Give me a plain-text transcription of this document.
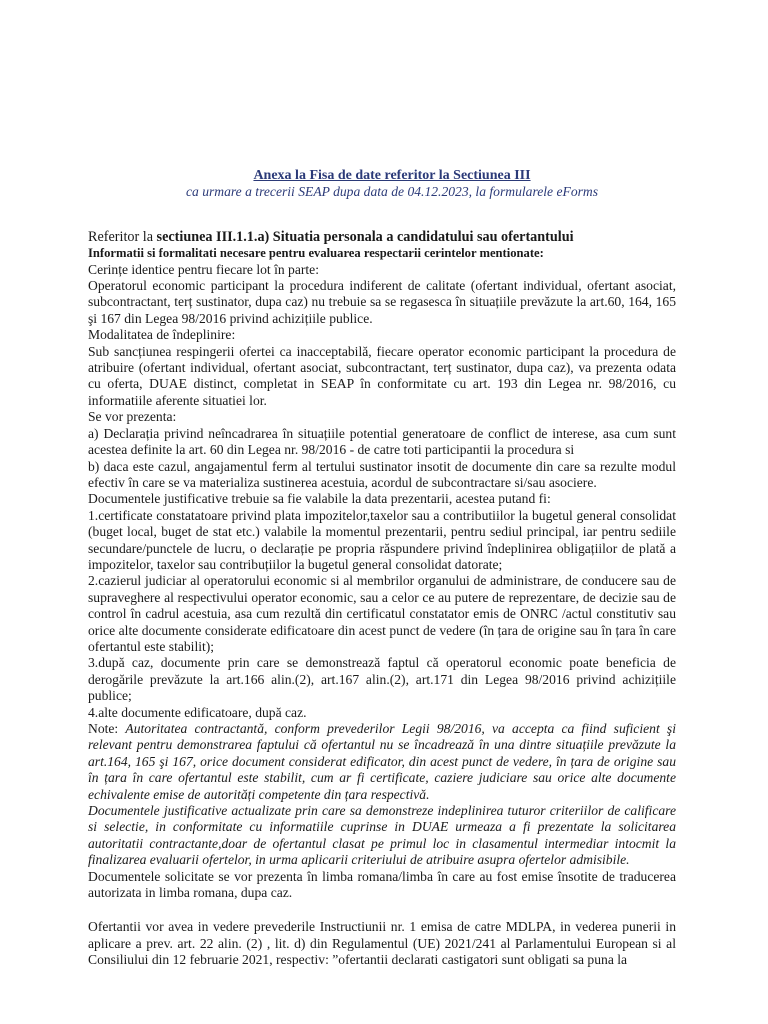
Anexa la Fisa de date referitor la Sectiunea III
ca urmare a trecerii SEAP dupa data de 04.12.2023, la formularele eForms

Referitor la sectiunea III.1.1.a) Situatia personala a candidatului sau ofertantului

Informatii si formalitati necesare pentru evaluarea respectarii cerintelor mentionate:

Cerințe identice pentru fiecare lot în parte:

Operatorul economic participant la procedura indiferent de calitate (ofertant individual, ofertant asociat, subcontractant, terț sustinator, dupa caz) nu trebuie sa se regasesca în situațiile prevăzute la art.60, 164, 165 şi 167 din Legea 98/2016 privind achizițiile publice.

Modalitatea de îndeplinire:

Sub sancțiunea respingerii ofertei ca inacceptabilă, fiecare operator economic participant la procedura de atribuire (ofertant individual, ofertant asociat, subcontractant, terț sustinator, dupa caz), va prezenta odata cu oferta, DUAE distinct, completat in SEAP în conformitate cu art. 193 din Legea nr. 98/2016, cu informatiile aferente situatiei lor.

Se vor prezenta:

a) Declarația privind neîncadrarea în situațiile potential generatoare de conflict de interese, asa cum sunt acestea definite la art. 60 din Legea nr. 98/2016 - de catre toti participantii la procedura si

b) daca este cazul, angajamentul ferm al tertului sustinator insotit de documente din care sa rezulte modul efectiv în care se va materializa sustinerea acestuia, acordul de subcontractare si/sau asociere.

Documentele justificative trebuie sa fie valabile la data prezentarii, acestea putand fi:

1.certificate constatatoare privind plata impozitelor,taxelor sau a contributiilor la bugetul general consolidat (buget local, buget de stat etc.) valabile la momentul prezentarii, pentru sediul principal, iar pentru sediile secundare/punctele de lucru, o declarație pe propria răspundere privind îndeplinirea obligațiilor de plată a impozitelor, taxelor sau contribuțiilor la bugetul general consolidat datorate;

2.cazierul judiciar al operatorului economic si al membrilor organului de administrare, de conducere sau de supraveghere al respectivului operator economic, sau a celor ce au putere de reprezentare, de decizie sau de control în cadrul acestuia, asa cum rezultă din certificatul constatator emis de ONRC /actul constitutiv sau orice alte documente considerate edificatoare din acest punct de vedere (în țara de origine sau în țara în care ofertantul este stabilit);

3.după caz, documente prin care se demonstrează faptul că operatorul economic poate beneficia de derogările prevăzute la art.166 alin.(2), art.167 alin.(2), art.171 din Legea 98/2016 privind achizițiile publice;

4.alte documente edificatoare, după caz.

Note: Autoritatea contractantă, conform prevederilor Legii 98/2016, va accepta ca fiind suficient şi relevant pentru demonstrarea faptului că ofertantul nu se încadrează în una dintre situațiile prevăzute la art.164, 165 şi 167, orice document considerat edificator, din acest punct de vedere, în țara de origine sau în țara în care ofertantul este stabilit, cum ar fi certificate, caziere judiciare sau orice alte documente echivalente emise de autorități competente din țara respectivă.

Documentele justificative actualizate prin care sa demonstreze indeplinirea tuturor criteriilor de calificare si selectie, in conformitate cu informatiile cuprinse in DUAE urmeaza a fi prezentate la solicitarea autoritatii contractante,doar de ofertantul clasat pe primul loc in clasamentul intermediar intocmit la finalizarea evaluarii ofertelor, in urma aplicarii criteriului de atribuire asupra ofertelor admisibile.

Documentele solicitate se vor prezenta în limba romana/limba în care au fost emise însotite de traducerea autorizata in limba romana, dupa caz.

Ofertantii vor avea in vedere prevederile Instructiunii nr. 1 emisa de catre MDLPA, in vederea punerii in aplicare a prev. art. 22 alin. (2) , lit. d) din Regulamentul (UE) 2021/241 al Parlamentului European si al Consiliului din 12 februarie 2021, respectiv: ”ofertantii declarati castigatori sunt obligati sa puna la
